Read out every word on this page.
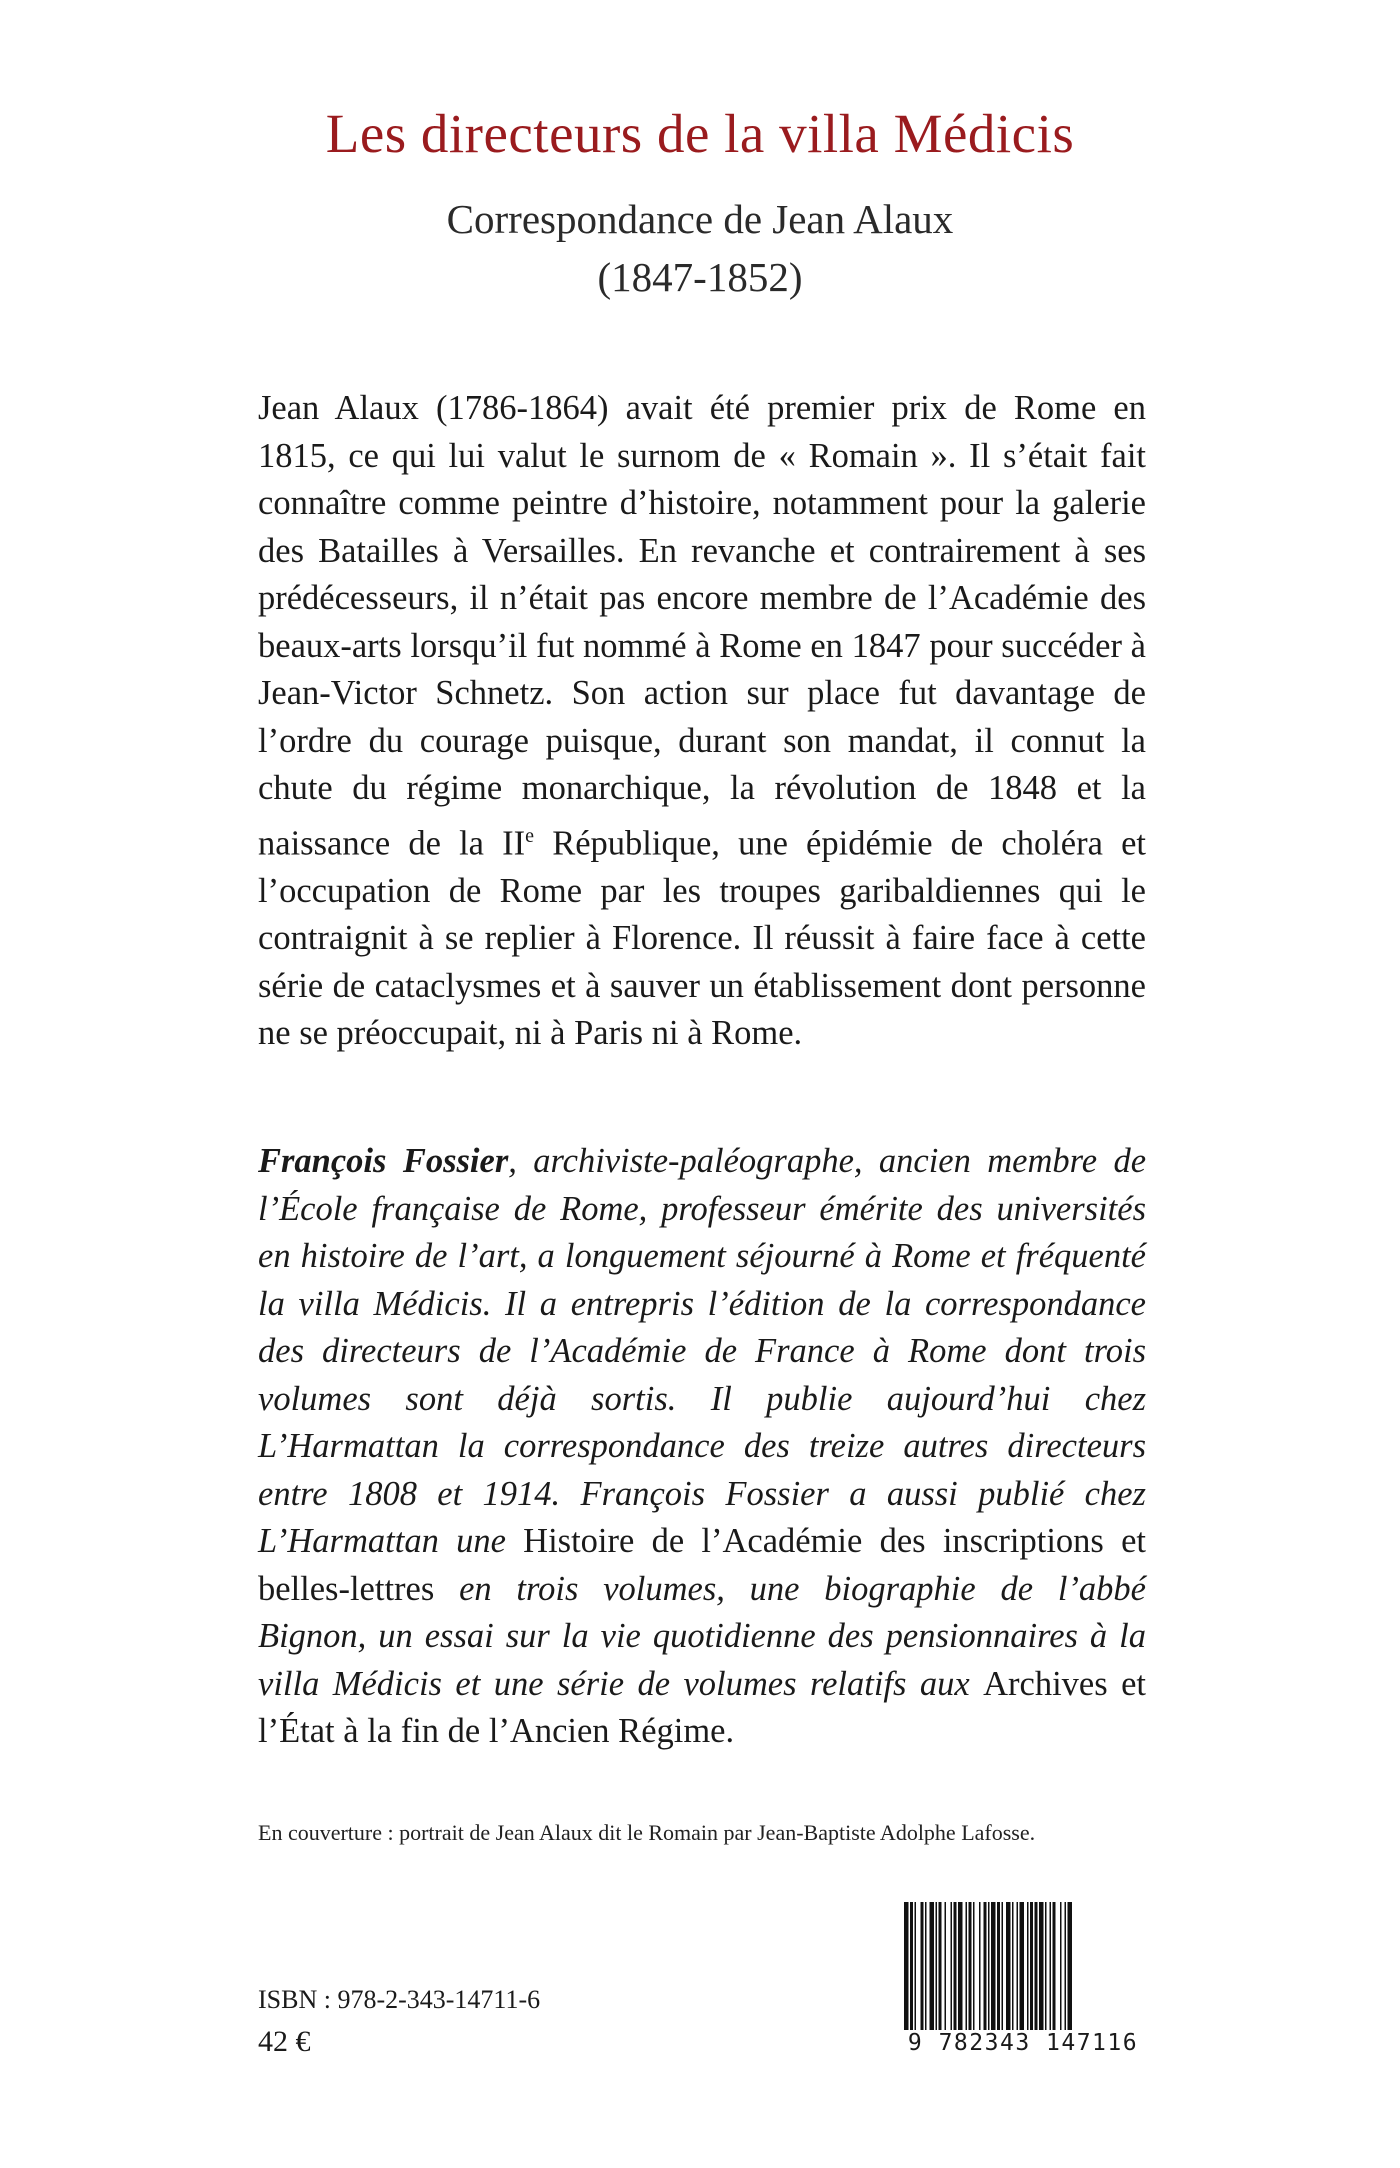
Les directeurs de la villa Médicis
Correspondance de Jean Alaux
(1847-1852)

Jean Alaux (1786-1864) avait été premier prix de Rome en 1815, ce qui lui valut le surnom de « Romain ». Il s’était fait connaître comme peintre d’histoire, notamment pour la galerie des Batailles à Versailles. En revanche et contrairement à ses prédécesseurs, il n’était pas encore membre de l’Académie des beaux-arts lorsqu’il fut nommé à Rome en 1847 pour succéder à Jean-Victor Schnetz. Son action sur place fut davantage de l’ordre du courage puisque, durant son mandat, il connut la chute du régime monarchique, la révolution de 1848 et la naissance de la IIe République, une épidémie de choléra et l’occupation de Rome par les troupes garibaldiennes qui le contraignit à se replier à Florence. Il réussit à faire face à cette série de cataclysmes et à sauver un établissement dont personne ne se préoccupait, ni à Paris ni à Rome.

François Fossier, archiviste-paléographe, ancien membre de l’École française de Rome, professeur émérite des universités en histoire de l’art, a longuement séjourné à Rome et fréquenté la villa Médicis. Il a entrepris l’édition de la correspondance des directeurs de l’Académie de France à Rome dont trois volumes sont déjà sortis. Il publie aujourd’hui chez L’Harmattan la correspondance des treize autres directeurs entre 1808 et 1914. François Fossier a aussi publié chez L’Harmattan une Histoire de l’Académie des inscriptions et belles-lettres en trois volumes, une biographie de l’abbé Bignon, un essai sur la vie quotidienne des pensionnaires à la villa Médicis et une série de volumes relatifs aux Archives et l’État à la fin de l’Ancien Régime.

En couverture : portrait de Jean Alaux dit le Romain par Jean-Baptiste Adolphe Lafosse.

ISBN : 978-2-343-14711-6

42 €	9 782343 147116
